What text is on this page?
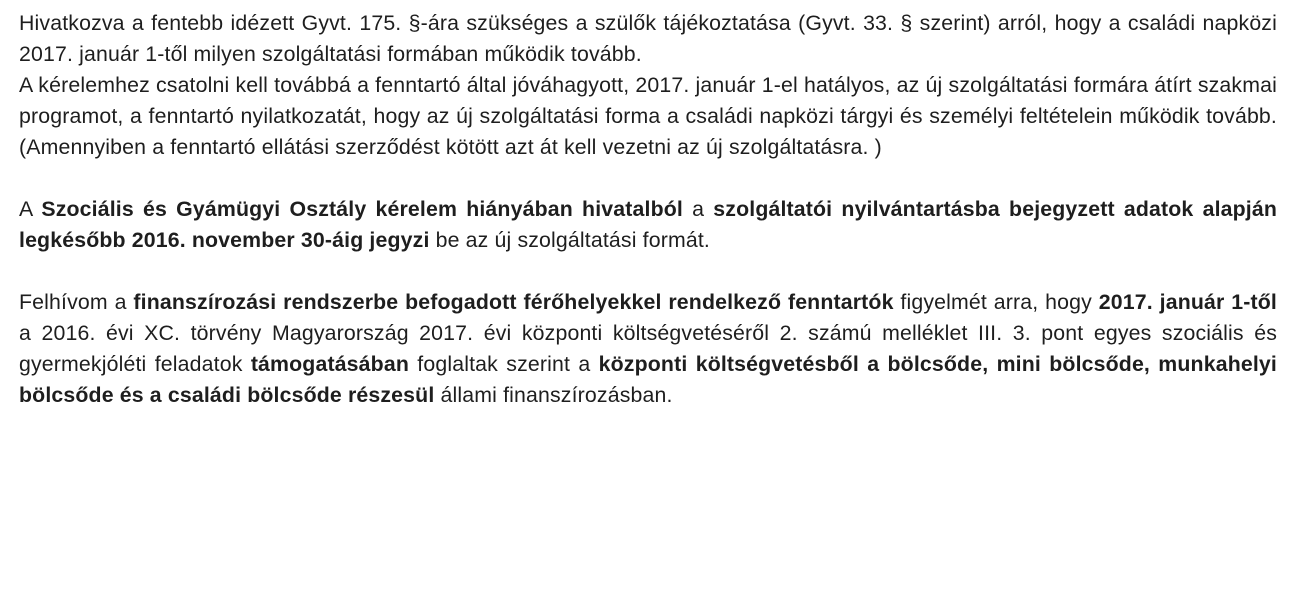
Hivatkozva a fentebb idézett Gyvt. 175. §-ára szükséges a szülők tájékoztatása (Gyvt. 33. § szerint) arról, hogy a családi napközi 2017. január 1-től milyen szolgáltatási formában működik tovább.

A kérelemhez csatolni kell továbbá a fenntartó által jóváhagyott, 2017. január 1-el hatályos, az új szolgáltatási formára átírt szakmai programot, a fenntartó nyilatkozatát, hogy az új szolgáltatási forma a családi napközi tárgyi és személyi feltételein működik tovább. (Amennyiben a fenntartó ellátási szerződést kötött azt át kell vezetni az új szolgáltatásra. )

A Szociális és Gyámügyi Osztály kérelem hiányában hivatalból a szolgáltatói nyilvántartásba bejegyzett adatok alapján legkésőbb 2016. november 30-áig jegyzi be az új szolgáltatási formát.

Felhívom a finanszírozási rendszerbe befogadott férőhelyekkel rendelkező fenntartók figyelmét arra, hogy 2017. január 1-től a 2016. évi XC. törvény Magyarország 2017. évi központi költségvetéséről 2. számú melléklet III. 3. pont egyes szociális és gyermekjóléti feladatok támogatásában foglaltak szerint a központi költségvetésből a bölcsőde, mini bölcsőde, munkahelyi bölcsőde és a családi bölcsőde részesül állami finanszírozásban.
